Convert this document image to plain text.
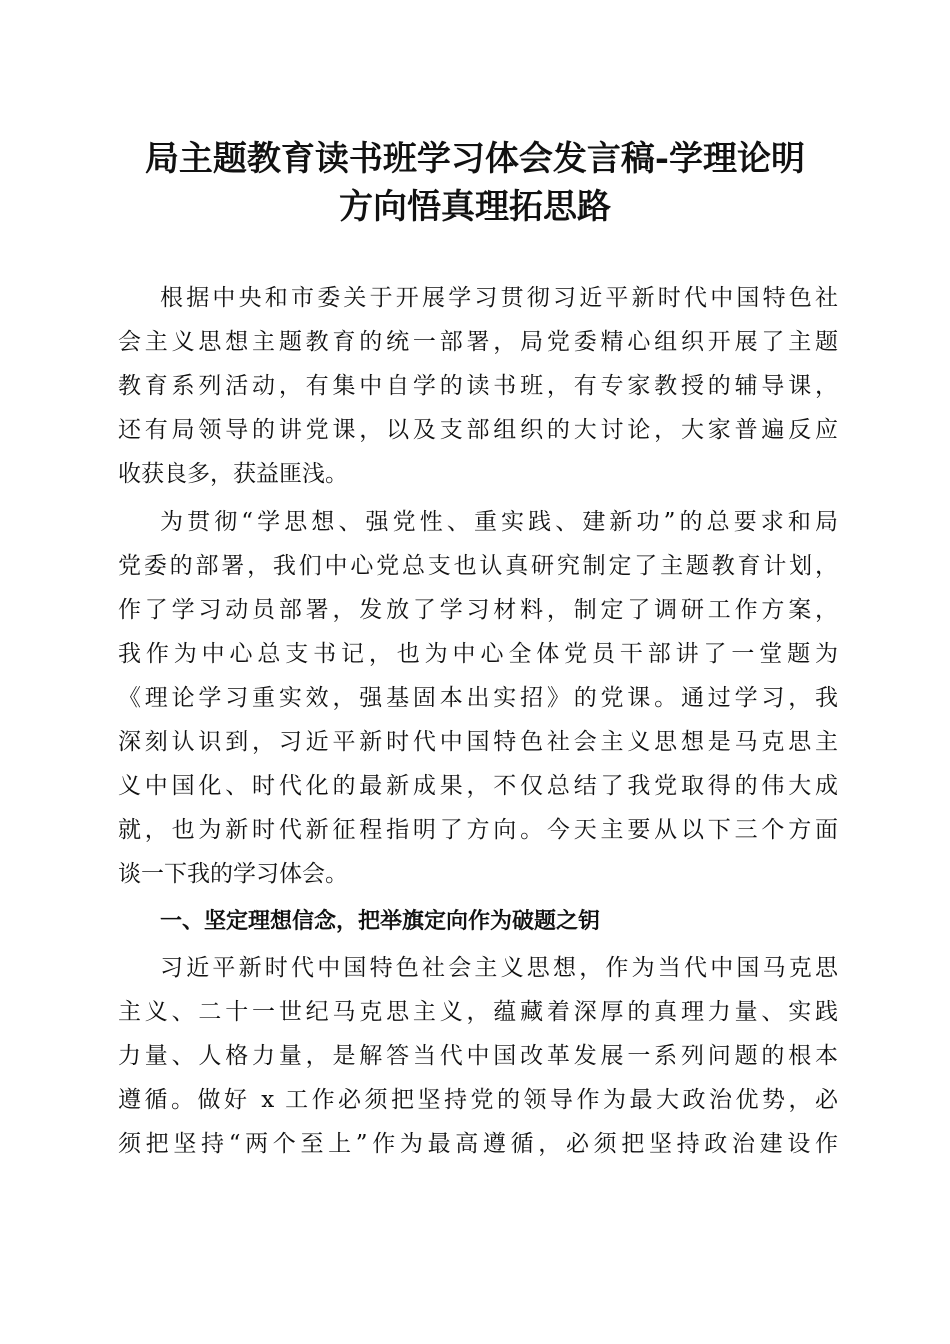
局主题教育读书班学习体会发言稿-学理论明
方向悟真理拓思路
根据中央和市委关于开展学习贯彻习近平新时代中国特色社
会主义思想主题教育的统一部署，局党委精心组织开展了主题
教育系列活动，有集中自学的读书班，有专家教授的辅导课，
还有局领导的讲党课，以及支部组织的大讨论，大家普遍反应
收获良多，获益匪浅。
为贯彻“学思想、强党性、重实践、建新功”的总要求和局
党委的部署，我们中心党总支也认真研究制定了主题教育计划，
作了学习动员部署，发放了学习材料，制定了调研工作方案，
我作为中心总支书记，也为中心全体党员干部讲了一堂题为
《理论学习重实效，强基固本出实招》的党课。通过学习，我
深刻认识到，习近平新时代中国特色社会主义思想是马克思主
义中国化、时代化的最新成果，不仅总结了我党取得的伟大成
就，也为新时代新征程指明了方向。今天主要从以下三个方面
谈一下我的学习体会。
一、坚定理想信念，把举旗定向作为破题之钥
习近平新时代中国特色社会主义思想，作为当代中国马克思
主义、二十一世纪马克思主义，蕴藏着深厚的真理力量、实践
力量、人格力量，是解答当代中国改革发展一系列问题的根本
遵循。做好 x 工作必须把坚持党的领导作为最大政治优势，必
须把坚持“两个至上”作为最高遵循，必须把坚持政治建设作
